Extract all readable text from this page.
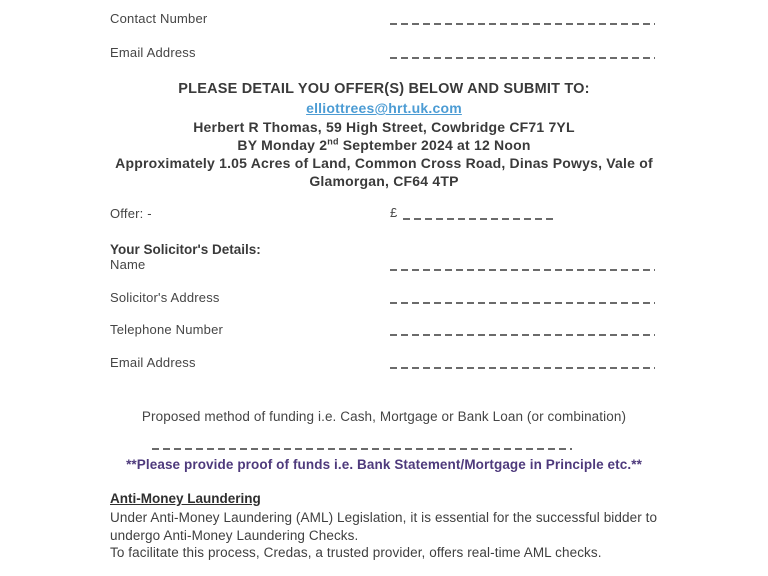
Contact Number
Email Address
PLEASE DETAIL YOU OFFER(S) BELOW AND SUBMIT TO:
elliottrees@hrt.uk.com
Herbert R Thomas, 59 High Street, Cowbridge CF71 7YL
BY Monday 2nd September 2024 at 12 Noon
Approximately 1.05 Acres of Land, Common Cross Road, Dinas Powys, Vale of
Glamorgan, CF64 4TP
Offer: -	£
Your Solicitor's Details:
Name
Solicitor's Address
Telephone Number
Email Address
Proposed method of funding i.e. Cash, Mortgage or Bank Loan (or combination)
**Please provide proof of funds i.e. Bank Statement/Mortgage in Principle etc.**
Anti-Money Laundering
Under Anti-Money Laundering (AML) Legislation, it is essential for the successful bidder to undergo Anti-Money Laundering Checks.
To facilitate this process, Credas, a trusted provider, offers real-time AML checks.
